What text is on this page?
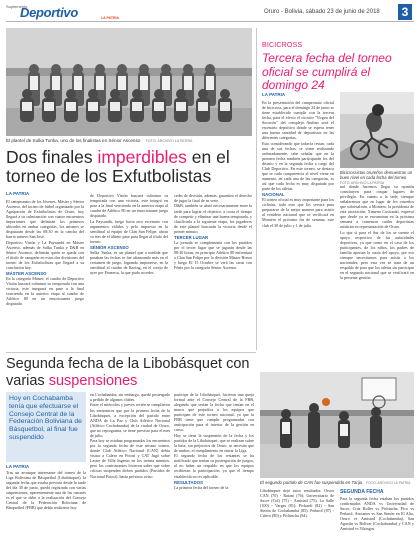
Suplemento
Deportivo	LA PATRIA
Oruro - Bolivia, sábado 23 de junio de 2018	3
El plantel de Sulka Tunka, uno de los finalistas en Sénior Ascenso FOTO: ARCHIVO LA PATRIA
Dos finales imperdibles en el torneo de los Exfutbolistas
LA PATRIA

El campeonato de los Jóvenes, Máster y Sénior Ascenso, del torneo de fútbol organizado por la Agrupación de Exfutbolistas de Oruro, hoy llegará a su culminación con cuatro encuentros importantes que definirán los primeros ubicados en ambas categorías, los mismos se disputarán desde las 08:30 en la cancha del barrio minero San José.

Deportivo Visión y La Paysandú en Máster Ascenso, además de Sulka Tunka y D&B en Sénior Ascenso, definirán quién se queda con el título de campeón en estas dos divisiones del torneo de los Exfutbolistas que llegará a su conclusión hoy.

MÁSTER ASCENSO

En la categoría Máster, el cuadro de Deportivo Visión buscará culminar su temporada con una victoria, este integrará en pase a la final venciendo en la anterior etapa al cuadro de Atlético 80 en un emocionante juego disputado.

de Deportivo Visión buscará culminar su temporada con una victoria, este integró en pase a la final venciendo en la anterior etapa al cuadro de Atlético 80 en un emocionante juego disputado.

La Paysandú, fuego hacia otro escenario con argumentos válidos y pelo impuesto en la semifinal al equipo de Clan San Felipe, ahora va tras de el último pase para llegar al título del torneo.

SÉNIOR ASCENSO

Sulka Tunka, es un plantel que a medida que pasaban las fechas se fue afianzando más en el certamen de juego, logrando imponerse, en la semifinal al cuadro de Racing, en el cotejo de ayer por Promesa, la que pudo acceder.

ceder de división, además, garantiza el derecho de jugar la final de su serie.

D&B, también se abrió necesariamente entre la tarde para lograr el objetivo, a costa el tiempo de competir y eliminar una buena temporada, y clasificarla a la siguiente etapa, los jugadores de este plantel buscarán la victoria desde el primer minuto.

TERCER LUGAR

La jornada se complementa con los partidos por el tercer lugar que se jugarán desde las 08:30 horas, en principio Atlético 80 enfrentará a Clan San Felipe por la división Máster Honor y luego El 15 Octubre se verá las caras con Fénix por la categoría Sénior Ascenso.

BICICROSS
Tercera fecha del torneo oficial se cumplirá el domingo 24
LA PATRIA

En la presentación del campeonato oficial de bicicross, para el domingo 24 de junio se tiene establecido cumplir con la tercera fecha, para el efecto el circuito "Virgen del Socavón" del complejo Andino será el escenario deportivo donde se espera tener una buena cantidad de deportistas en las diferentes categorías.

Esto considerando que todavía restan, cada una de sus fechas, se viene realizando ordenadamente, cabe señalar que en la primera fecha también participarán los del distrito y en la segunda fecha a cargo del Club Deportivo. En este torneo, se destaca que se cada competencia el nivel viene en aumento, en cada una de las categorías, es así que cada fecha es muy disputada por parte de los atletas.

NACIONAL

El torneo oficial es muy importante para los ciclistas, todo esto que los servirá para prepararse de la mejor manera para asistir al venidero nacional que se verificará en Montero el próximo fin de semana, este club el 30 de julio y 1 de julio.

Bicicrossistas orureños demuestran un buen nivel en cada fecha del torneo FOTO: ARCHIVO LA PATRIA

nal donde hacemos llegar su opinión constituyen para ocupar lugares de privilegio. En cuanto a la sede, siempre señalaremos que en lugar de los orureños que sobresalirán, a Montero, la presidenta de esta asociación, Ximena Cusicanki, expresó que desde ya se encuentran en la próxima semana a comenzar cuáles deportistas asistirán en representación de Oruro.

Lo que sí para el Sur de los se cuente el apoyo respectivo de las autoridades deportivas, ya que como en el caso de los participantes, de los niños, los padres de familia aportan la cuota del apoyo, por eso siempre necesitamos para asistir a los nacionales, pero esta vez se trata de un respaldo de para que los atletas sin participar en el segundo nacional que se verificará en la presente gestión.

Segunda fecha de la Libobásquet con varias suspensiones
Hoy en Cochabamba tenía que efectuarse el Consejo Central de la Federación Boliviana de Básquetbol, al final fue suspendido
LA PATRIA

Tras un arranque interesante del torneo de la Liga Boliviana de Básquetbol (Libobásquet), la segunda fecha que estaba prevista desde la tarde del día 30 de junio, quedó registrada con varias suspensiones, aparentemente una de las razones es el que se debe a la realización del Consejo Central de la Federación Boliviana de Básquetbol (FBB) que debía realizarse hoy

en Cochabamba, sin embargo, quedó postergado a pedido de algunos clubes.

Entre el miércoles y jueves recién se cumplieron los encuentros que por la primera fecha de la Libobásquet, a excepción del partido entre ANDA de La Paz y Club Atlético Nacional (Atlético Cochabamba) de la ciudad de Oruro, que no reprograma, se tiene previsto para el mes de julio.

Para hoy se estaban programados los encuentros por la segunda fecha de este mismo torneo, donde Club Atlético Nacional (CAN) debía visitar a Calero en Potosí y CAT Jugó sobre Lastre de Villa Ingenio en los treinta minutos, pero los contrincantes hicieron saber que sobre críticas suspenden dichos partidos (Partidos de Nacional Potosí), hasta próximo aviso.

partícipe de la Libobásquet, hicieron una queja formal ante el Consejo Central de la FBB, alegando que serían la fecha que tenían en el marco que perjudica a los equipos que participan de este torneo nacional, ya que la FBB tiene que cumplir programadas con anticipación para el interior de la gestión en curso.

Hoy se tiene la suspensión de la fecha y los partidos de la Libobásquet, que se realizan sobre la base, sin prejuicios de Oruro, se necesita que de ambos, el cumplimiento en entrar la Liga.

El segundo fecha de los restantes se ha notificado que tenían su postergación de juegos, al no haber un respaldo en que los equipos recibieran la participación, ya que el tiempo establecido no es aplicable.

RESULTADOS

La primera fecha del torneo de la

El segundo partido de CAN fue suspendido en Tarija FOTO: ARCHIVO LA PATRIA

Libobásquet dejó estos resultados: Oruro CAN (70) - Ratani (76); Universitario de Sucre (Col) (75) - Amistad (75); La Salle (100) - Vargas (81); Pichardi (82) - San Simón de Cochabamba (85), Peñarol (87) - Calero (80) y Pichincha (84).

SEGUNDA FECHA

Para la segunda fecha estaban los partidos confirmados ANDA vs Universidad de Sucre, Cruz Roller vs Pichincha, Pico vs Peñarol, Ancianos vs San Simón en El Alto, Oruro vs Amistad (Cochabamba), San Agustín vs Bolívar (Cochabamba) y CAN y Amistad vs Vikingos.
